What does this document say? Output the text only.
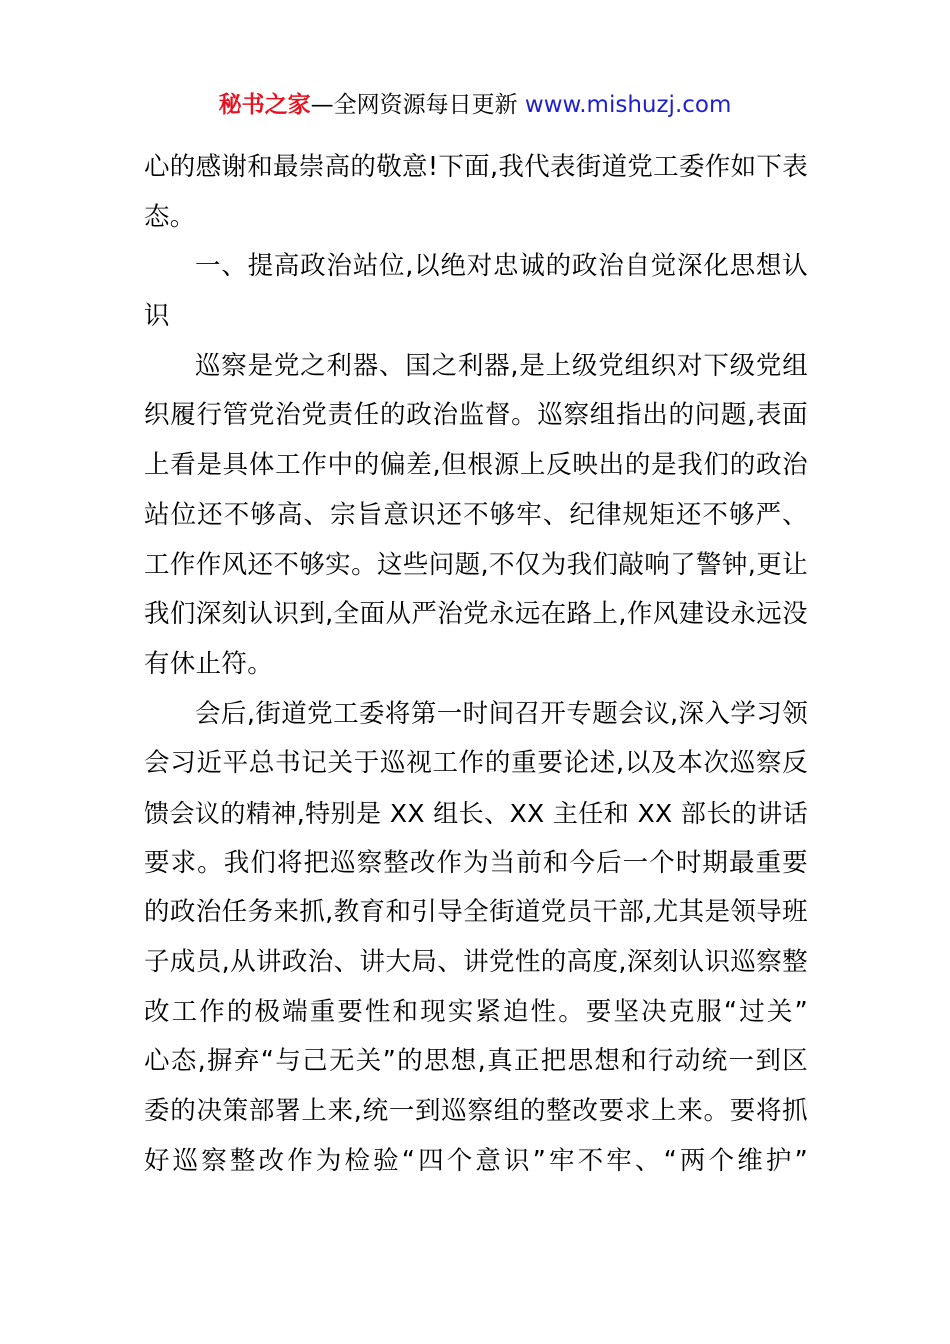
秘书之家—全网资源每日更新 www.mishuzj.com
心的感谢和最崇高的敬意!下面,我代表街道党工委作如下表
态。
一、提高政治站位,以绝对忠诚的政治自觉深化思想认
识
巡察是党之利器、国之利器,是上级党组织对下级党组
织履行管党治党责任的政治监督。巡察组指出的问题,表面
上看是具体工作中的偏差,但根源上反映出的是我们的政治
站位还不够高、宗旨意识还不够牢、纪律规矩还不够严、
工作作风还不够实。这些问题,不仅为我们敲响了警钟,更让
我们深刻认识到,全面从严治党永远在路上,作风建设永远没
有休止符。
会后,街道党工委将第一时间召开专题会议,深入学习领
会习近平总书记关于巡视工作的重要论述,以及本次巡察反
馈会议的精神,特别是 XX 组长、XX 主任和 XX 部长的讲话
要求。我们将把巡察整改作为当前和今后一个时期最重要
的政治任务来抓,教育和引导全街道党员干部,尤其是领导班
子成员,从讲政治、讲大局、讲党性的高度,深刻认识巡察整
改工作的极端重要性和现实紧迫性。要坚决克服“过关”
心态,摒弃“与己无关”的思想,真正把思想和行动统一到区
委的决策部署上来,统一到巡察组的整改要求上来。要将抓
好巡察整改作为检验“四个意识”牢不牢、“两个维护”
